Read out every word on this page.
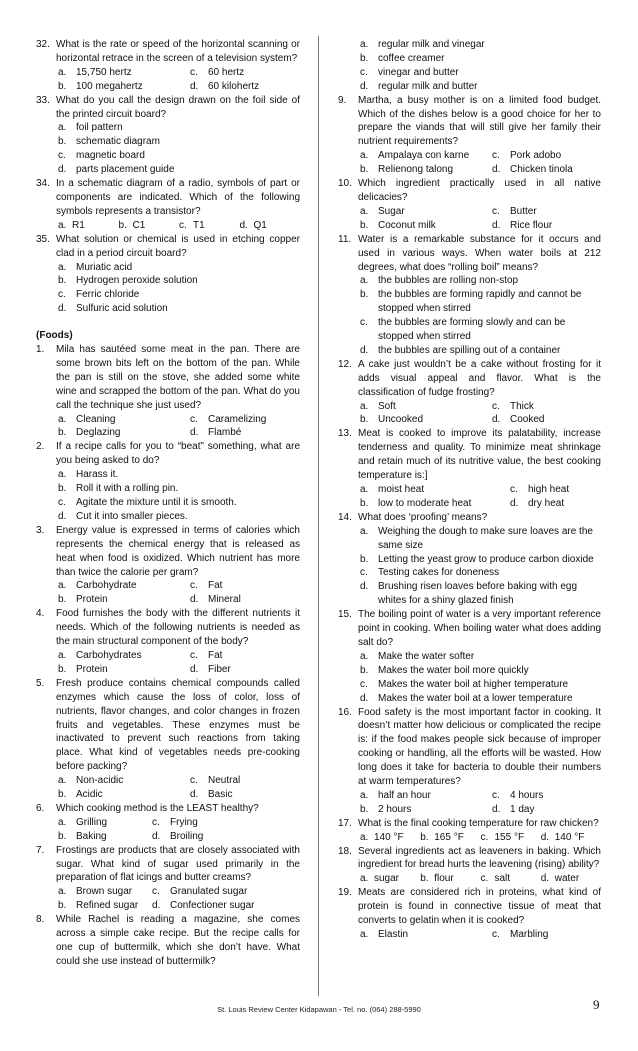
32. What is the rate or speed of the horizontal scanning or horizontal retrace in the screen of a television system?
a. 15,750 hertz	c. 60 hertz
b. 100 megahertz	d. 60 kilohertz
33. What do you call the design drawn on the foil side of the printed circuit board?
a. foil pattern
b. schematic diagram
c. magnetic board
d. parts placement guide
34. In a schematic diagram of a radio, symbols of part or components are indicated. Which of the following symbols represents a transistor?
a. R1	b. C1	c. T1	d. Q1
35. What solution or chemical is used in etching copper clad in a period circuit board?
a. Muriatic acid
b. Hydrogen peroxide solution
c. Ferric chloride
d. Sulfuric acid solution
(Foods)
1. Mila has sautéed some meat in the pan. There are some brown bits left on the bottom of the pan. While the pan is still on the stove, she added some white wine and scrapped the bottom of the pan. What do you call the technique she just used?
a. Cleaning	c. Caramelizing
b. Deglazing	d. Flambé
2. If a recipe calls for you to “beat” something, what are you being asked to do?
a. Harass it.
b. Roll it with a rolling pin.
c. Agitate the mixture until it is smooth.
d. Cut it into smaller pieces.
3. Energy value is expressed in terms of calories which represents the chemical energy that is released as heat when food is oxidized. Which nutrient has more than twice the calorie per gram?
a. Carbohydrate	c. Fat
b. Protein	d. Mineral
4. Food furnishes the body with the different nutrients it needs. Which of the following nutrients is needed as the main structural component of the body?
a. Carbohydrates	c. Fat
b. Protein	d. Fiber
5. Fresh produce contains chemical compounds called enzymes which cause the loss of color, loss of nutrients, flavor changes, and color changes in frozen fruits and vegetables. These enzymes must be inactivated to prevent such reactions from taking place. What kind of vegetables needs pre-cooking before packing?
a. Non-acidic	c. Neutral
b. Acidic	d. Basic
6. Which cooking method is the LEAST healthy?
a. Grilling	c. Frying
b. Baking	d. Broiling
7. Frostings are products that are closely associated with sugar. What kind of sugar used primarily in the preparation of flat icings and butter creams?
a. Brown sugar	c. Granulated sugar
b. Refined sugar	d. Confectioner sugar
8. While Rachel is reading a magazine, she comes across a simple cake recipe. But the recipe calls for one cup of buttermilk, which she don’t have. What could she use instead of buttermilk?
a. regular milk and vinegar
b. coffee creamer
c. vinegar and butter
d. regular milk and butter
9. Martha, a busy mother is on a limited food budget. Which of the dishes below is a good choice for her to prepare the viands that will still give her family their nutrient requirements?
a. Ampalaya con karne	c. Pork adobo
b. Relienong talong	d. Chicken tinola
10. Which ingredient practically used in all native delicacies?
a. Sugar	c. Butter
b. Coconut milk	d. Rice flour
11. Water is a remarkable substance for it occurs and used in various ways. When water boils at 212 degrees, what does “rolling boil” means?
a. the bubbles are rolling non-stop
b. the bubbles are forming rapidly and cannot be stopped when stirred
c. the bubbles are forming slowly and can be stopped when stirred
d. the bubbles are spilling out of a container
12. A cake just wouldn’t be a cake without frosting for it adds visual appeal and flavor. What is the classification of fudge frosting?
a. Soft	c. Thick
b. Uncooked	d. Cooked
13. Meat is cooked to improve its palatability, increase tenderness and quality. To minimize meat shrinkage and retain much of its nutritive value, the best cooking temperature is:]
a. moist heat	c. high heat
b. low to moderate heat	d. dry heat
14. What does ‘proofing’ means?
a. Weighing the dough to make sure loaves are the same size
b. Letting the yeast grow to produce carbon dioxide
c. Testing cakes for doneness
d. Brushing risen loaves before baking with egg whites for a shiny glazed finish
15. The boiling point of water is a very important reference point in cooking. When boiling water what does adding salt do?
a. Make the water softer
b. Makes the water boil more quickly
c. Makes the water boil at higher temperature
d. Makes the water boil at a lower temperature
16. Food safety is the most important factor in cooking. It doesn’t matter how delicious or complicated the recipe is: if the food makes people sick because of improper cooking or handling, all the efforts will be wasted. How long does it take for bacteria to double their numbers at warm temperatures?
a. half an hour	c. 4 hours
b. 2 hours	d. 1 day
17. What is the final cooking temperature for raw chicken?
a. 140 °F	b. 165 °F	c. 155 °F	d. 140 °F
18. Several ingredients act as leaveners in baking. Which ingredient for bread hurts the leavening (rising) ability?
a. sugar	b. flour	c. salt	d. water
19. Meats are considered rich in proteins, what kind of protein is found in connective tissue of meat that converts to gelatin when it is cooked?
a. Elastin	c. Marbling
St. Louis Review Center Kidapawan - Tel. no. (064) 288-5990	9
